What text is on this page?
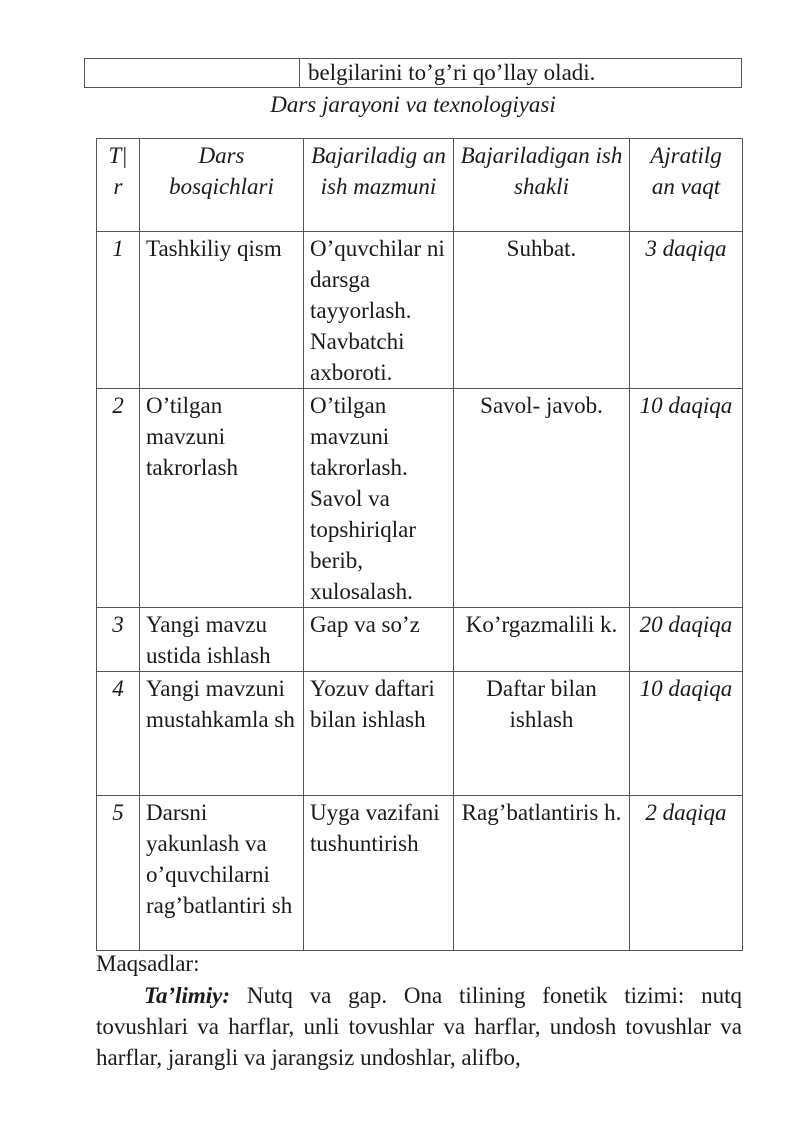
	belgilarini to’g’ri qo’llay oladi.
Dars jarayoni va texnologiyasi
T|
r	Dars bosqichlari	Bajariladig an ish mazmuni	Bajariladigan ish shakli	Ajratilg an vaqt
1	Tashkiliy qism	O’quvchilar ni darsga tayyorlash. Navbatchi axboroti.	Suhbat.	3 daqiqa
2	O’tilgan mavzuni takrorlash	O’tilgan mavzuni takrorlash. Savol va topshiriqlar berib, xulosalash.	Savol- javob.	10 daqiqa
3	Yangi mavzu ustida ishlash	Gap va so’z	Ko’rgazmalili k.	20 daqiqa
4	Yangi mavzuni mustahkamla sh	Yozuv daftari bilan ishlash	Daftar bilan ishlash	10 daqiqa
5	Darsni yakunlash va o’quvchilarni rag’batlantiri sh	Uyga vazifani tushuntirish	Rag’batlantiris h.	2 daqiqa
Maqsadlar:
Ta’limiy: Nutq va gap. Ona tilining fonetik tizimi: nutq tovushlari va harflar, unli tovushlar va harflar, undosh tovushlar va harflar, jarangli va jarangsiz undoshlar, alifbo,
